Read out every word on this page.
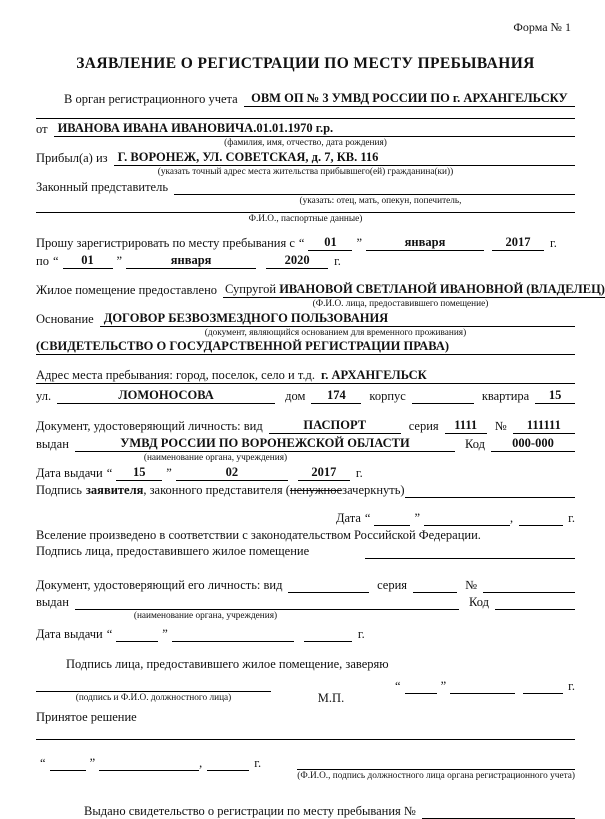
Форма № 1
ЗАЯВЛЕНИЕ О РЕГИСТРАЦИИ ПО МЕСТУ ПРЕБЫВАНИЯ
В орган регистрационного учета	ОВМ ОП № 3 УМВД РОССИИ ПО г. АРХАНГЕЛЬСКУ
от ИВАНОВА ИВАНА ИВАНОВИЧА.01.01.1970 г.р.
(фамилия, имя, отчество, дата рождения)
Прибыл(а) из Г. ВОРОНЕЖ, УЛ. СОВЕТСКАЯ, д. 7, КВ. 116
(указать точный адрес места жительства прибывшего(ей) гражданина(ки))
Законный представитель
(указать: отец, мать, опекун, попечитель,
Ф.И.О., паспортные данные)
Прошу зарегистрировать по месту пребывания с “	01	”	января	2017	г.
по “	01	”	января	2020	г.
Жилое помещение предоставлено Супругой ИВАНОВОЙ СВЕТЛАНОЙ ИВАНОВНОЙ (ВЛАДЕЛЕЦ)
(Ф.И.О. лица, предоставившего помещение)
Основание ДОГОВОР БЕЗВОЗМЕЗДНОГО ПОЛЬЗОВАНИЯ
(документ, являющийся основанием для временного проживания)
(СВИДЕТЕЛЬСТВО О ГОСУДАРСТВЕННОЙ РЕГИСТРАЦИИ ПРАВА)
Адрес места пребывания: город, поселок, село и т.д. г. АРХАНГЕЛЬСК
ул.	ЛОМОНОСОВА	дом	174	корпус	квартира	15
Документ, удостоверяющий личность: вид	ПАСПОРТ	серия	1111	№	111111
выдан	УМВД РОССИИ ПО ВОРОНЕЖСКОЙ ОБЛАСТИ	Код	000-000
(наименование органа, учреждения)
Дата выдачи “	15	”	02	2017	г.
Подпись заявителя , законного представителя ( ненужное зачеркнуть)
Дата “	”	,	г.
Вселение произведено в соответствии с законодательством Российской Федерации.
Подпись лица, предоставившего жилое помещение
Документ, удостоверяющий его личность: вид	серия	№
выдан	Код
(наименование органа, учреждения)
Дата выдачи “	”	г.
Подпись лица, предоставившего жилое помещение, заверяю
(подпись и Ф.И.О. должностного лица)	М.П.
“	”	г.
Принятое решение
“	”	,	г.
(Ф.И.О., подпись должностного лица органа регистрационного учета)
Выдано свидетельство о регистрации по месту пребывания №
